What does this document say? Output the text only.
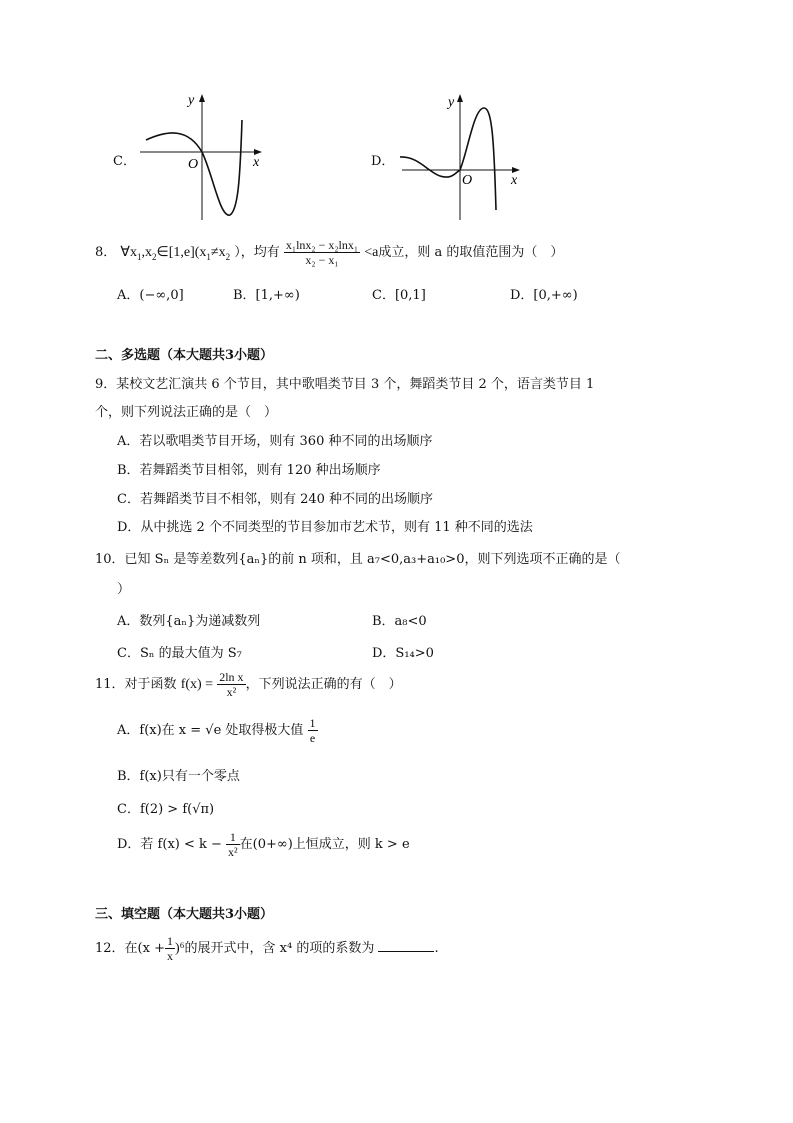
C．
y
x
O	D．
y
x
O
8． $\forall x_1,x_2\in[1,e](x_1\ne x_2$ ），均有 $\frac{\text{x₁lnx₂ − x₂lnx₁}}{\text{x₂ − x₁}} <a$成立，则 a 的取值范围为（　）
A．(−∞,0]	B．[1,+∞)	C．[0,1]	D．[0,+∞)
二、多选题（本大题共3小题）
9．某校文艺汇演共 6 个节目，其中歌唱类节目 3 个，舞蹈类节目 2 个，语言类节目 1
个，则下列说法正确的是（　）
A．若以歌唱类节目开场，则有 360 种不同的出场顺序
B．若舞蹈类节目相邻，则有 120 种出场顺序
C．若舞蹈类节目不相邻，则有 240 种不同的出场顺序
D．从中挑选 2 个不同类型的节目参加市艺术节，则有 11 种不同的选法
10．已知 Sₙ 是等差数列{aₙ}的前 n 项和，且 a₇<0,a₃+a₁₀>0，则下列选项不正确的是（
）
A．数列{aₙ}为递减数列	B．a₈<0
C．Sₙ 的最大值为 S₇	D．S₁₄>0
11．对于函数 $f(x) = \frac{\text{2ln x}}{\text{x²}}$ ，下列说法正确的有（　）
A．f(x)在 x = √e 处取得极大值 $\frac{1}{e}$
B．f(x)只有一个零点
C．f(2) > f(√π)
D．若 $f(x) < k - \frac{1}{\text{x²}}$ 在(0+∞)上恒成立，则 k > e
三、填空题（本大题共3小题）
12．在$(x + \frac{1}{x} )^6$的展开式中，含 x⁴ 的项的系数为	.
